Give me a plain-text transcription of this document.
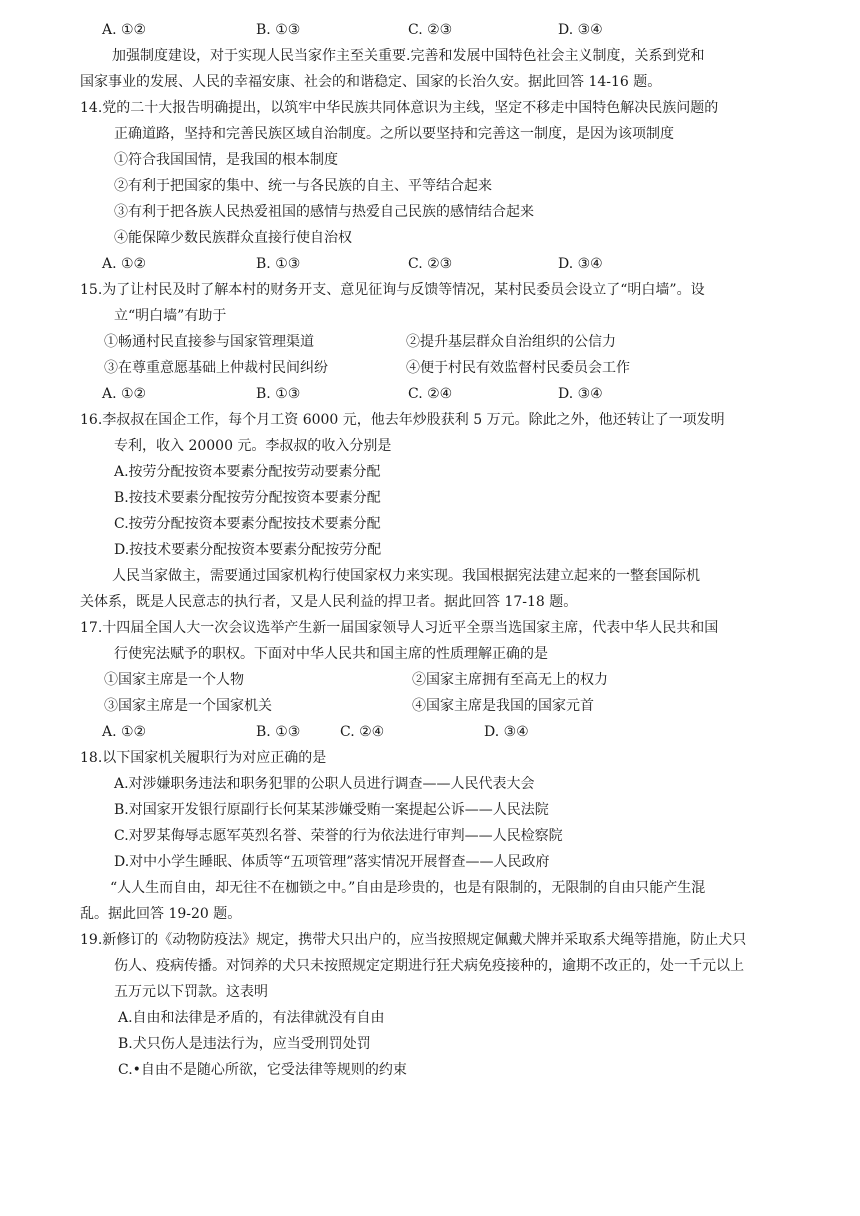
A. ①②	B. ①③	C. ②③	D. ③④
加强制度建设，对于实现人民当家作主至关重要.完善和发展中国特色社会主义制度，关系到党和
国家事业的发展、人民的幸福安康、社会的和谐稳定、国家的长治久安。据此回答 14-16 题。
14.党的二十大报告明确提出，以筑牢中华民族共同体意识为主线，坚定不移走中国特色解决民族问题的
正确道路，坚持和完善民族区域自治制度。之所以要坚持和完善这一制度，是因为该项制度
①符合我国国情，是我国的根本制度
②有利于把国家的集中、统一与各民族的自主、平等结合起来
③有利于把各族人民热爱祖国的感情与热爱自己民族的感情结合起来
④能保障少数民族群众直接行使自治权
A. ①②	B. ①③	C. ②③	D. ③④
15.为了让村民及时了解本村的财务开支、意见征询与反馈等情况，某村民委员会设立了“明白墙”。设
立“明白墙”有助于
①畅通村民直接参与国家管理渠道	②提升基层群众自治组织的公信力
③在尊重意愿基础上仲裁村民间纠纷	④便于村民有效监督村民委员会工作
A. ①②	B. ①③	C. ②④	D. ③④
16.李叔叔在国企工作，每个月工资 6000 元，他去年炒股获利 5 万元。除此之外，他还转让了一项发明
专利，收入 20000 元。李叔叔的收入分别是
A.按劳分配按资本要素分配按劳动要素分配
B.按技术要素分配按劳分配按资本要素分配
C.按劳分配按资本要素分配按技术要素分配
D.按技术要素分配按资本要素分配按劳分配
人民当家做主，需要通过国家机构行使国家权力来实现。我国根据宪法建立起来的一整套国际机
关体系，既是人民意志的执行者，又是人民利益的捍卫者。据此回答 17-18 题。
17.十四届全国人大一次会议选举产生新一届国家领导人习近平全票当选国家主席，代表中华人民共和国
行使宪法赋予的职权。下面对中华人民共和国主席的性质理解正确的是
①国家主席是一个人物	②国家主席拥有至高无上的权力
③国家主席是一个国家机关	④国家主席是我国的国家元首
A. ①②	B. ①③	C. ②④	D. ③④
18.以下国家机关履职行为对应正确的是
A.对涉嫌职务违法和职务犯罪的公职人员进行调查——人民代表大会
B.对国家开发银行原副行长何某某涉嫌受贿一案提起公诉——人民法院
C.对罗某侮辱志愿军英烈名誉、荣誉的行为依法进行审判——人民检察院
D.对中小学生睡眠、体质等“五项管理”落实情况开展督查——人民政府
“人人生而自由，却无往不在枷锁之中。”自由是珍贵的，也是有限制的，无限制的自由只能产生混
乱。据此回答 19-20 题。
19.新修订的《动物防疫法》规定，携带犬只出户的，应当按照规定佩戴犬牌并采取系犬绳等措施，防止犬只
伤人、疫病传播。对饲养的犬只未按照规定定期进行狂犬病免疫接种的，逾期不改正的，处一千元以上
五万元以下罚款。这表明
A.自由和法律是矛盾的，有法律就没有自由
B.犬只伤人是违法行为，应当受刑罚处罚
C.•自由不是随心所欲，它受法律等规则的约束
